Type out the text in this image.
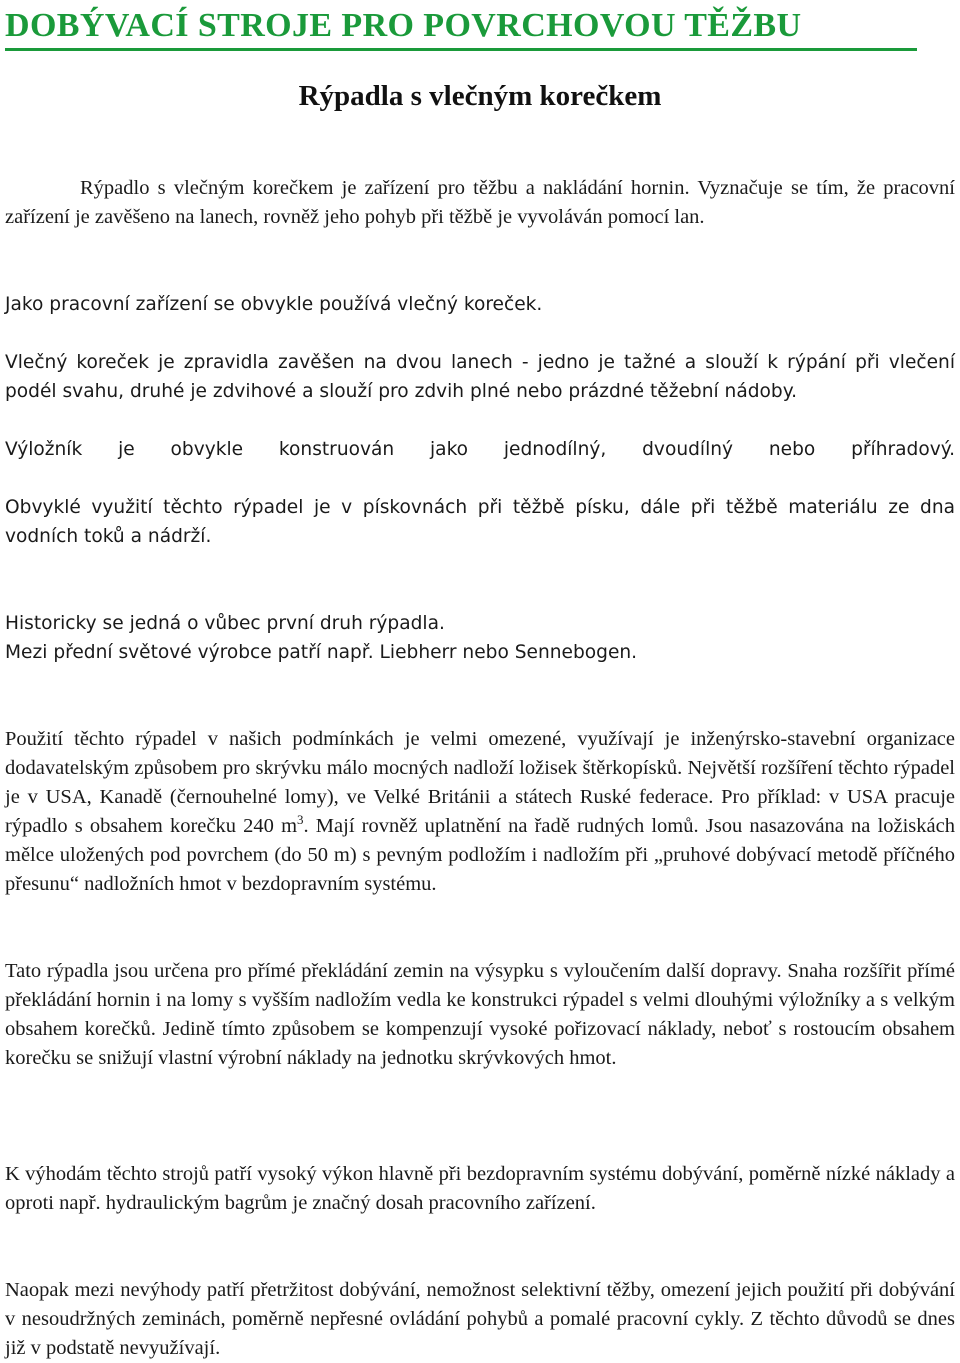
DOBÝVACÍ STROJE PRO POVRCHOVOU TĚŽBU
Rýpadla s vlečným korečkem

Rýpadlo s vlečným korečkem je zařízení pro těžbu a nakládání hornin. Vyznačuje se tím, že pracovní zařízení je zavěšeno na lanech, rovněž jeho pohyb při těžbě je vyvoláván pomocí lan.

Jako pracovní zařízení se obvykle používá vlečný koreček.

Vlečný koreček je zpravidla zavěšen na dvou lanech - jedno je tažné a slouží k rýpání při vlečení podél svahu, druhé je zdvihové a slouží pro zdvih plné nebo prázdné těžební nádoby.

Výložník je obvykle konstruován jako jednodílný, dvoudílný nebo příhradový.

Obvyklé využití těchto rýpadel je v pískovnách při těžbě písku, dále při těžbě materiálu ze dna vodních toků a nádrží.

Historicky se jedná o vůbec první druh rýpadla.
Mezi přední světové výrobce patří např. Liebherr nebo Sennebogen.

Použití těchto rýpadel v našich podmínkách je velmi omezené, využívají je inženýrsko-stavební organizace dodavatelským způsobem pro skrývku málo mocných nadloží ložisek štěrkopísků. Největší rozšíření těchto rýpadel je v USA, Kanadě (černouhelné lomy), ve Velké Británii a státech Ruské federace. Pro příklad: v USA pracuje rýpadlo s obsahem korečku 240 $m^3$. Mají rovněž uplatnění na řadě rudných lomů. Jsou nasazována na ložiskách mělce uložených pod povrchem (do 50 m) s pevným podložím i nadložím při „pruhové dobývací metodě příčného přesunu“ nadložních hmot v bezdopravním systému.

Tato rýpadla jsou určena pro přímé překládání zemin na výsypku s vyloučením další dopravy. Snaha rozšířit přímé překládání hornin i na lomy s vyšším nadložím vedla ke konstrukci rýpadel s velmi dlouhými výložníky a s velkým obsahem korečků. Jedině tímto způsobem se kompenzují vysoké pořizovací náklady, neboť s rostoucím obsahem korečku se snižují vlastní výrobní náklady na jednotku skrývkových hmot.

K výhodám těchto strojů patří vysoký výkon hlavně při bezdopravním systému dobývání, poměrně nízké náklady a oproti např. hydraulickým bagrům je značný dosah pracovního zařízení.

Naopak mezi nevýhody patří přetržitost dobývání, nemožnost selektivní těžby, omezení jejich použití při dobývání v nesoudržných zeminách, poměrně nepřesné ovládání pohybů a pomalé pracovní cykly. Z těchto důvodů se dnes již v podstatě nevyužívají.
